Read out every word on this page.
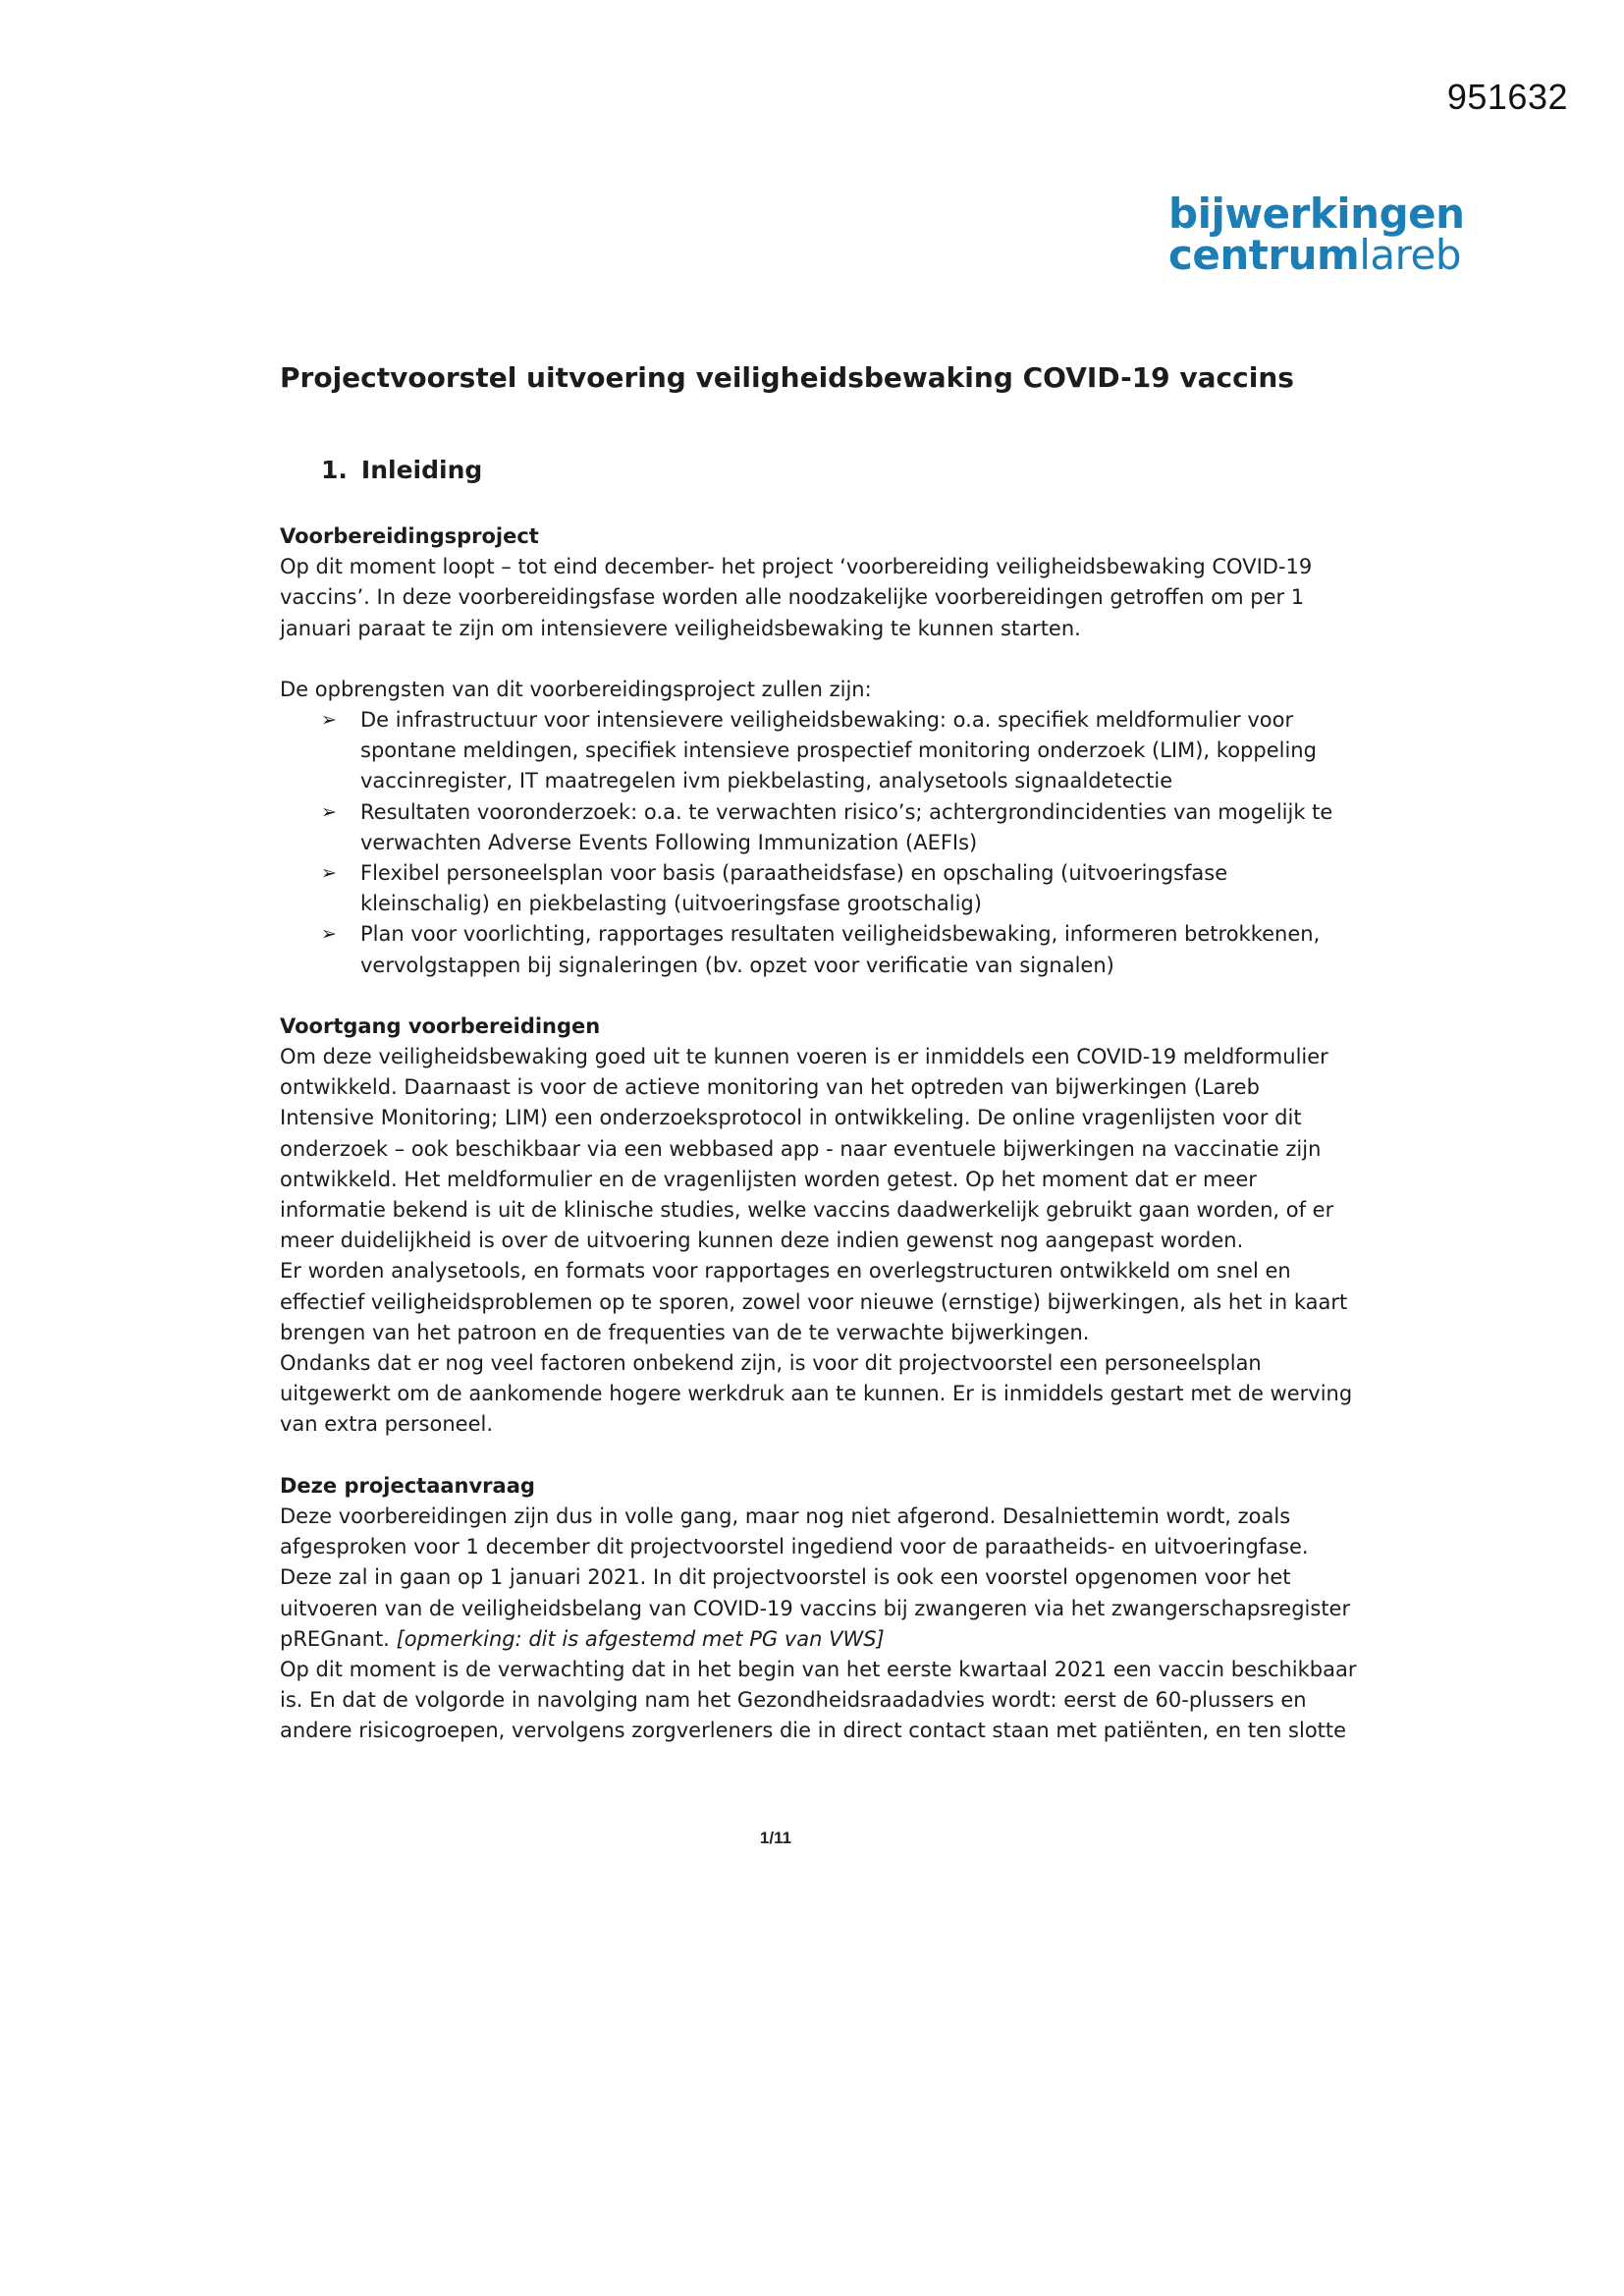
951632
bijwerkingen
centrumlareb
Projectvoorstel uitvoering veiligheidsbewaking COVID-19 vaccins
1. Inleiding

Voorbereidingsproject

Op dit moment loopt – tot eind december- het project ‘voorbereiding veiligheidsbewaking COVID-19 vaccins’. In deze voorbereidingsfase worden alle noodzakelijke voorbereidingen getroffen om per 1 januari paraat te zijn om intensievere veiligheidsbewaking te kunnen starten.

De opbrengsten van dit voorbereidingsproject zullen zijn:

➢ De infrastructuur voor intensievere veiligheidsbewaking: o.a. specifiek meldformulier voor spontane meldingen, specifiek intensieve prospectief monitoring onderzoek (LIM), koppeling vaccinregister, IT maatregelen ivm piekbelasting, analysetools signaaldetectie
➢ Resultaten vooronderzoek: o.a. te verwachten risico’s; achtergrondincidenties van mogelijk te verwachten Adverse Events Following Immunization (AEFIs)
➢ Flexibel personeelsplan voor basis (paraatheidsfase) en opschaling (uitvoeringsfase kleinschalig) en piekbelasting (uitvoeringsfase grootschalig)
➢ Plan voor voorlichting, rapportages resultaten veiligheidsbewaking, informeren betrokkenen, vervolgstappen bij signaleringen (bv. opzet voor verificatie van signalen)

Voortgang voorbereidingen

Om deze veiligheidsbewaking goed uit te kunnen voeren is er inmiddels een COVID-19 meldformulier ontwikkeld. Daarnaast is voor de actieve monitoring van het optreden van bijwerkingen (Lareb Intensive Monitoring; LIM) een onderzoeksprotocol in ontwikkeling. De online vragenlijsten voor dit onderzoek – ook beschikbaar via een webbased app - naar eventuele bijwerkingen na vaccinatie zijn ontwikkeld. Het meldformulier en de vragenlijsten worden getest. Op het moment dat er meer informatie bekend is uit de klinische studies, welke vaccins daadwerkelijk gebruikt gaan worden, of er meer duidelijkheid is over de uitvoering kunnen deze indien gewenst nog aangepast worden.

Er worden analysetools, en formats voor rapportages en overlegstructuren ontwikkeld om snel en effectief veiligheidsproblemen op te sporen, zowel voor nieuwe (ernstige) bijwerkingen, als het in kaart brengen van het patroon en de frequenties van de te verwachte bijwerkingen.

Ondanks dat er nog veel factoren onbekend zijn, is voor dit projectvoorstel een personeelsplan uitgewerkt om de aankomende hogere werkdruk aan te kunnen. Er is inmiddels gestart met de werving van extra personeel.

Deze projectaanvraag

Deze voorbereidingen zijn dus in volle gang, maar nog niet afgerond. Desalniettemin wordt, zoals afgesproken voor 1 december dit projectvoorstel ingediend voor de paraatheids- en uitvoeringfase. Deze zal in gaan op 1 januari 2021. In dit projectvoorstel is ook een voorstel opgenomen voor het uitvoeren van de veiligheidsbelang van COVID-19 vaccins bij zwangeren via het zwangerschapsregister pREGnant. [opmerking: dit is afgestemd met PG van VWS]

Op dit moment is de verwachting dat in het begin van het eerste kwartaal 2021 een vaccin beschikbaar is. En dat de volgorde in navolging nam het Gezondheidsraadadvies wordt: eerst de 60-plussers en andere risicogroepen, vervolgens zorgverleners die in direct contact staan met patiënten, en ten slotte

1/11
